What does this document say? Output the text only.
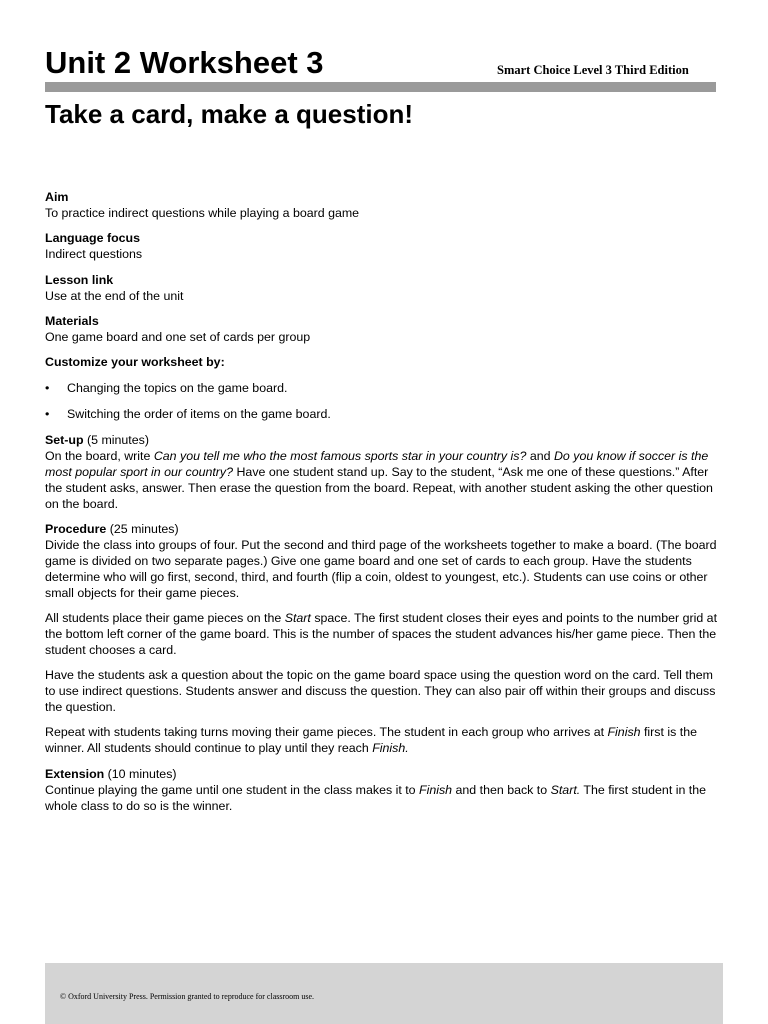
Unit 2 Worksheet 3	Smart Choice Level 3 Third Edition
Take a card, make a question!
Aim
To practice indirect questions while playing a board game
Language focus
Indirect questions
Lesson link
Use at the end of the unit
Materials
One game board and one set of cards per group
Customize your worksheet by:
• Changing the topics on the game board.
• Switching the order of items on the game board.

Set-up (5 minutes)
On the board, write Can you tell me who the most famous sports star in your country is? and Do you know if soccer is the most popular sport in our country? Have one student stand up. Say to the student, “Ask me one of these questions.” After the student asks, answer. Then erase the question from the board. Repeat, with another student asking the other question on the board.

Procedure (25 minutes)
Divide the class into groups of four. Put the second and third page of the worksheets together to make a board. (The board game is divided on two separate pages.) Give one game board and one set of cards to each group. Have the students determine who will go first, second, third, and fourth (flip a coin, oldest to youngest, etc.). Students can use coins or other small objects for their game pieces.

All students place their game pieces on the Start space. The first student closes their eyes and points to the number grid at the bottom left corner of the game board. This is the number of spaces the student advances his/her game piece. Then the student chooses a card.

Have the students ask a question about the topic on the game board space using the question word on the card. Tell them to use indirect questions. Students answer and discuss the question. They can also pair off within their groups and discuss the question.

Repeat with students taking turns moving their game pieces. The student in each group who arrives at Finish first is the winner. All students should continue to play until they reach Finish.

Extension (10 minutes)
Continue playing the game until one student in the class makes it to Finish and then back to Start. The first student in the whole class to do so is the winner.

© Oxford University Press. Permission granted to reproduce for classroom use.
